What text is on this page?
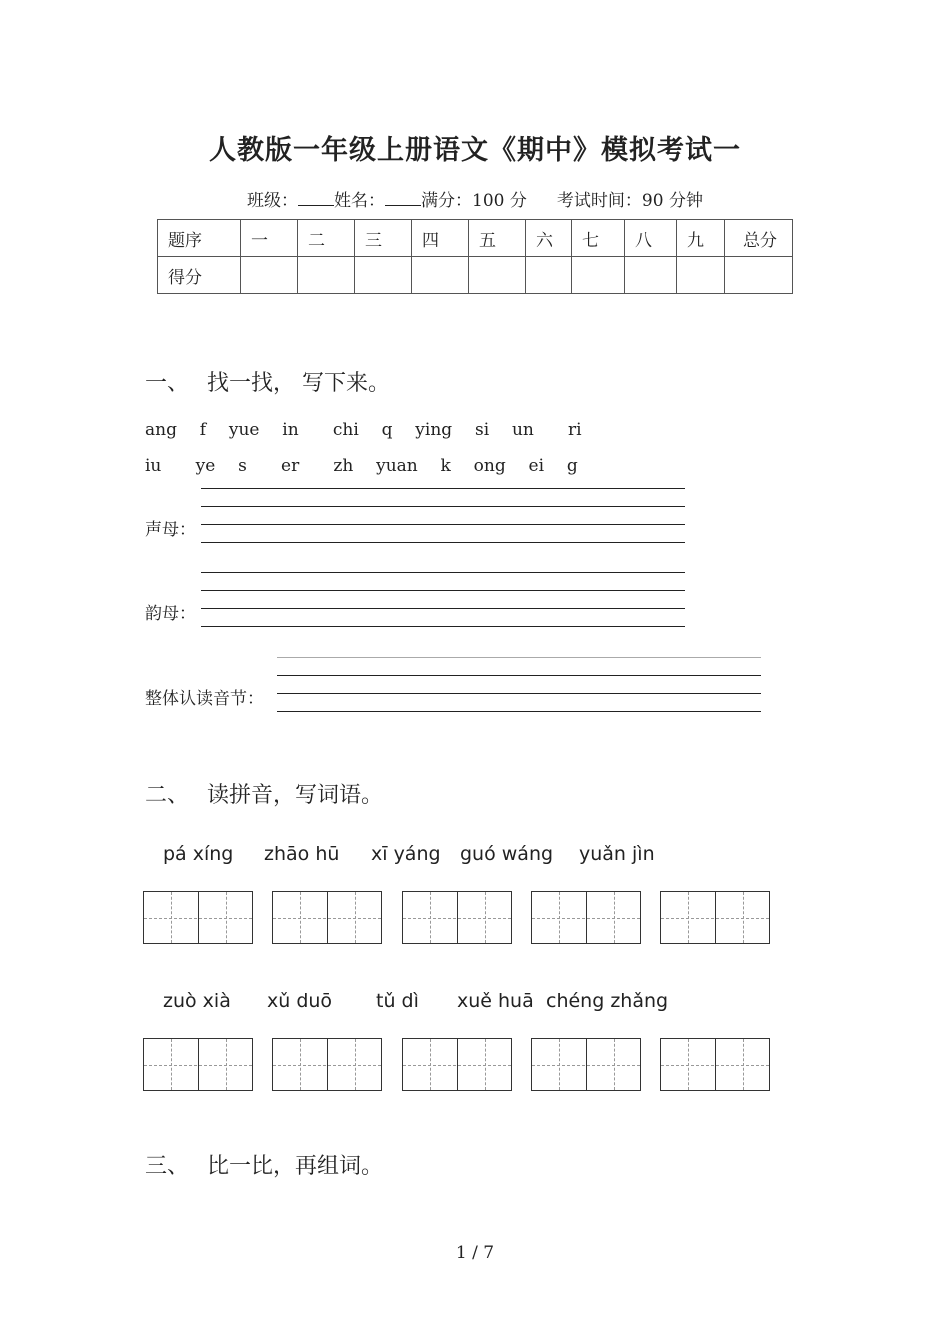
人教版一年级上册语文《期中》模拟考试一
班级： 姓名： 满分：100 分 考试时间：90 分钟
题序	一	二	三	四	五	六	七	八	九	总分
得分										
一、 找一找， 写下来。
ang  f  yue  in   chi  q  ying  si  un   ri
iu   ye  s   er   zh  yuan  k  ong  ei  g
声母：
韵母：
整体认读音节：
二、 读拼音，写词语。
pá xíng zhāo hū xī yáng guó wáng yuǎn jìn
zuò xià xǔ duō tǔ dì xuě huā chéng zhǎng
三、 比一比，再组词。
1 / 7
